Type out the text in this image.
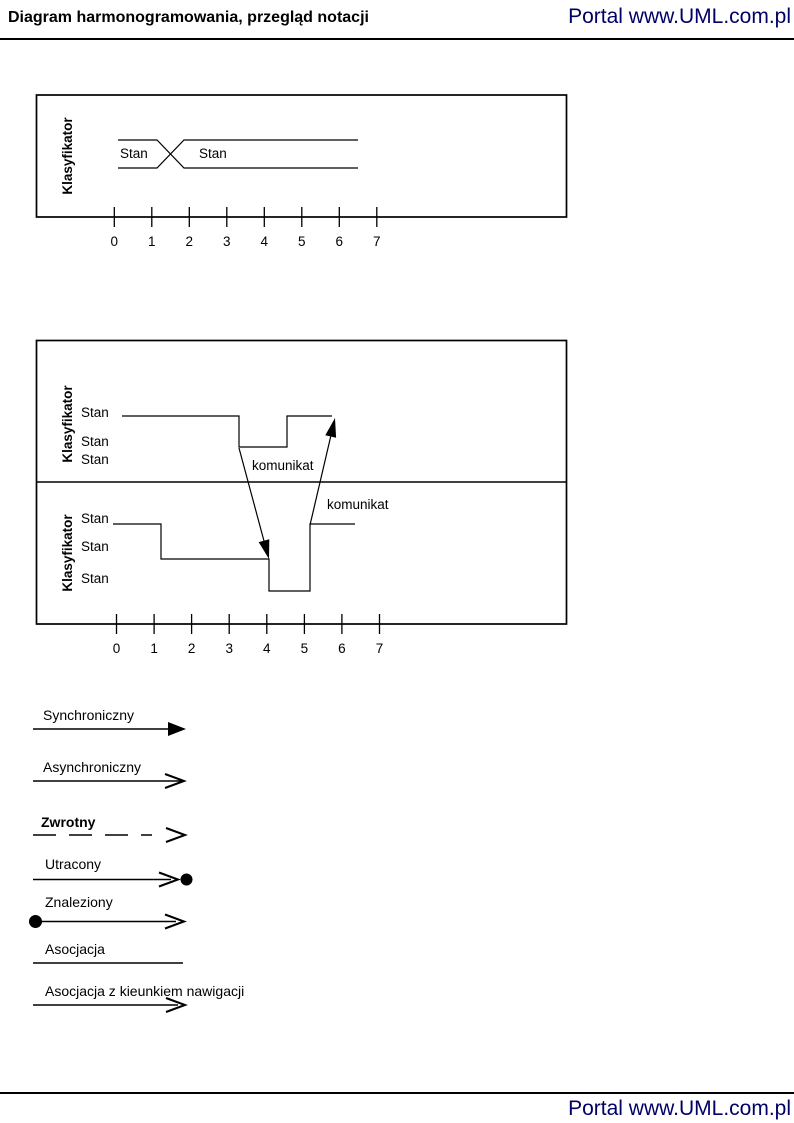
Diagram harmonogramowania, przegląd notacji	Portal www.UML.com.pl
Klasyfikator	Stan	Stan
0 1 2 3 4 5 6 7
Klasyfikator Stan
Stan
Stan	komunikat
Klasyfikator Stan
Stan
Stan
komunikat
0 1 2 3 4 5 6 7
Synchroniczny
Asynchroniczny
Zwrotny
Utracony
Znaleziony
Asocjacja
Asocjacja z kieunkiem nawigacji
Portal www.UML.com.pl
